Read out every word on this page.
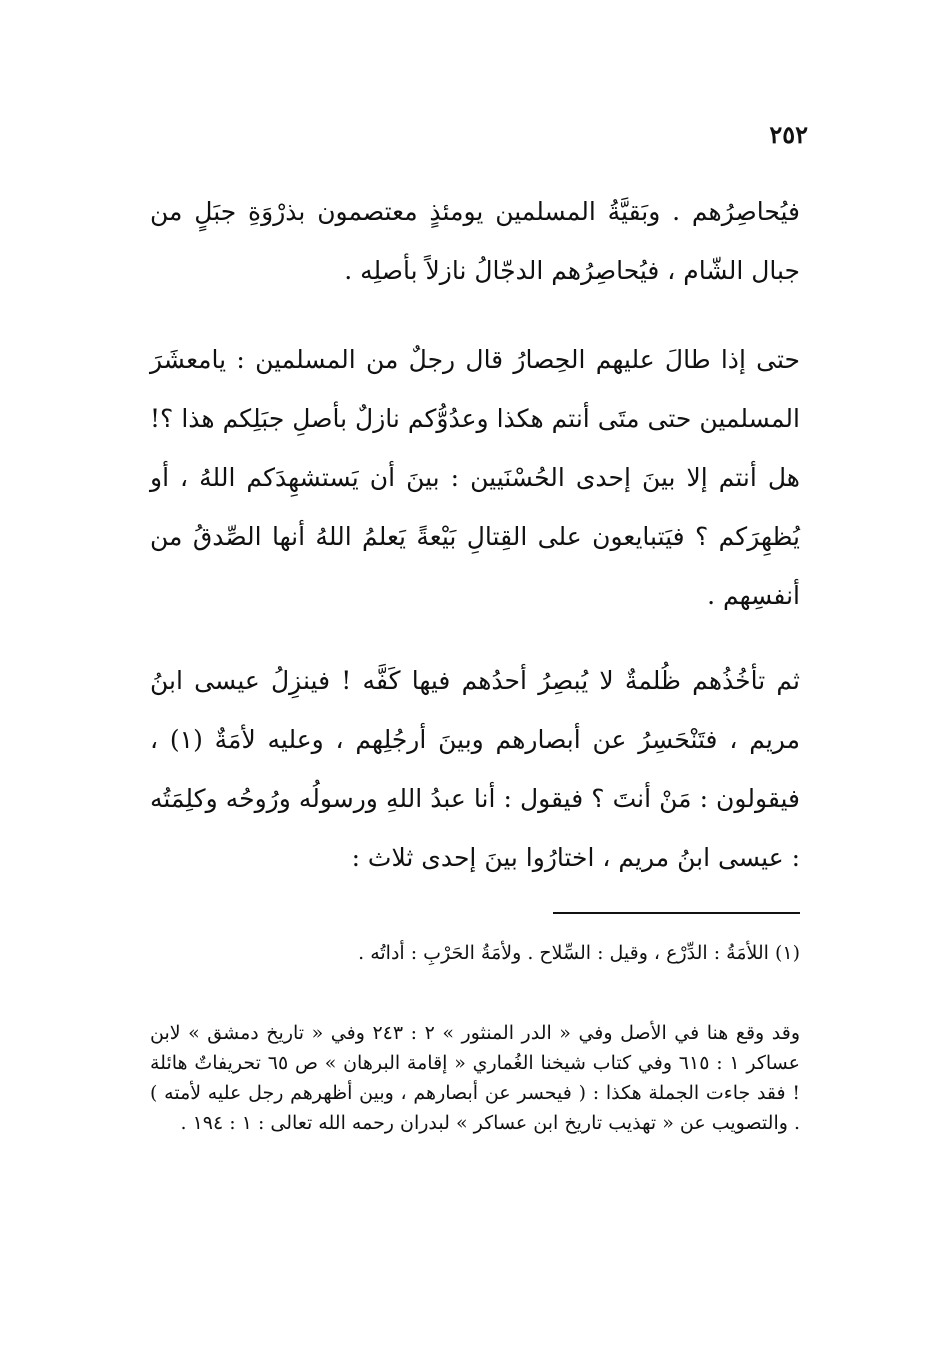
٢٥٢

فيُحاصِرُهم . وبَقيَّةُ المسلمين يومئذٍ معتصمون بذرْوَةِ جبَلٍ من جبال الشّام ، فيُحاصِرُهم الدجّالُ نازلاً بأصلِه .

حتى إذا طالَ عليهم الحِصارُ قال رجلٌ من المسلمين : يامعشَرَ المسلمين حتى متَى أنتم هكذا وعدُوُّكم نازلٌ بأصلِ جبَلِكم هذا ؟! هل أنتم إلا بينَ إحدى الحُسْنَيين : بينَ أن يَستشهِدَكم اللهُ ، أو يُظهِرَكم ؟ فيَتبايعون على القِتالِ بَيْعةً يَعلمُ اللهُ أنها الصِّدقُ من أنفسِهم .

ثم تأخُذُهم ظُلمةٌ لا يُبصِرُ أحدُهم فيها كَفَّه ! فينزِلُ عيسى ابنُ مريم ، فتَنْحَسِرُ عن أبصارهم وبينَ أرجُلِهم ، وعليه لأمَةٌ (١) ، فيقولون : مَنْ أنتَ ؟ فيقول : أنا عبدُ اللهِ ورسولُه ورُوحُه وكلِمَتُه : عيسى ابنُ مريم ، اختارُوا بينَ إحدى ثلاث :

(١) اللأمَةُ : الدِّرْع ، وقيل : السِّلاح . ولأمَةُ الحَرْبِ : أداتُه .

وقد وقع هنا في الأصل وفي « الدر المنثور » ٢ : ٢٤٣ وفي « تاريخ دمشق » لابن عساكر ١ : ٦١٥ وفي كتاب شيخنا الغُماري « إقامة البرهان » ص ٦٥ تحريفاتٌ هائلة ! فقد جاءت الجملة هكذا : ( فيحسر عن أبصارهم ، وبين أظهرهم رجل عليه لأمته ) . والتصويب عن « تهذيب تاريخ ابن عساكر » لبدران رحمه الله تعالى : ١ : ١٩٤ .
